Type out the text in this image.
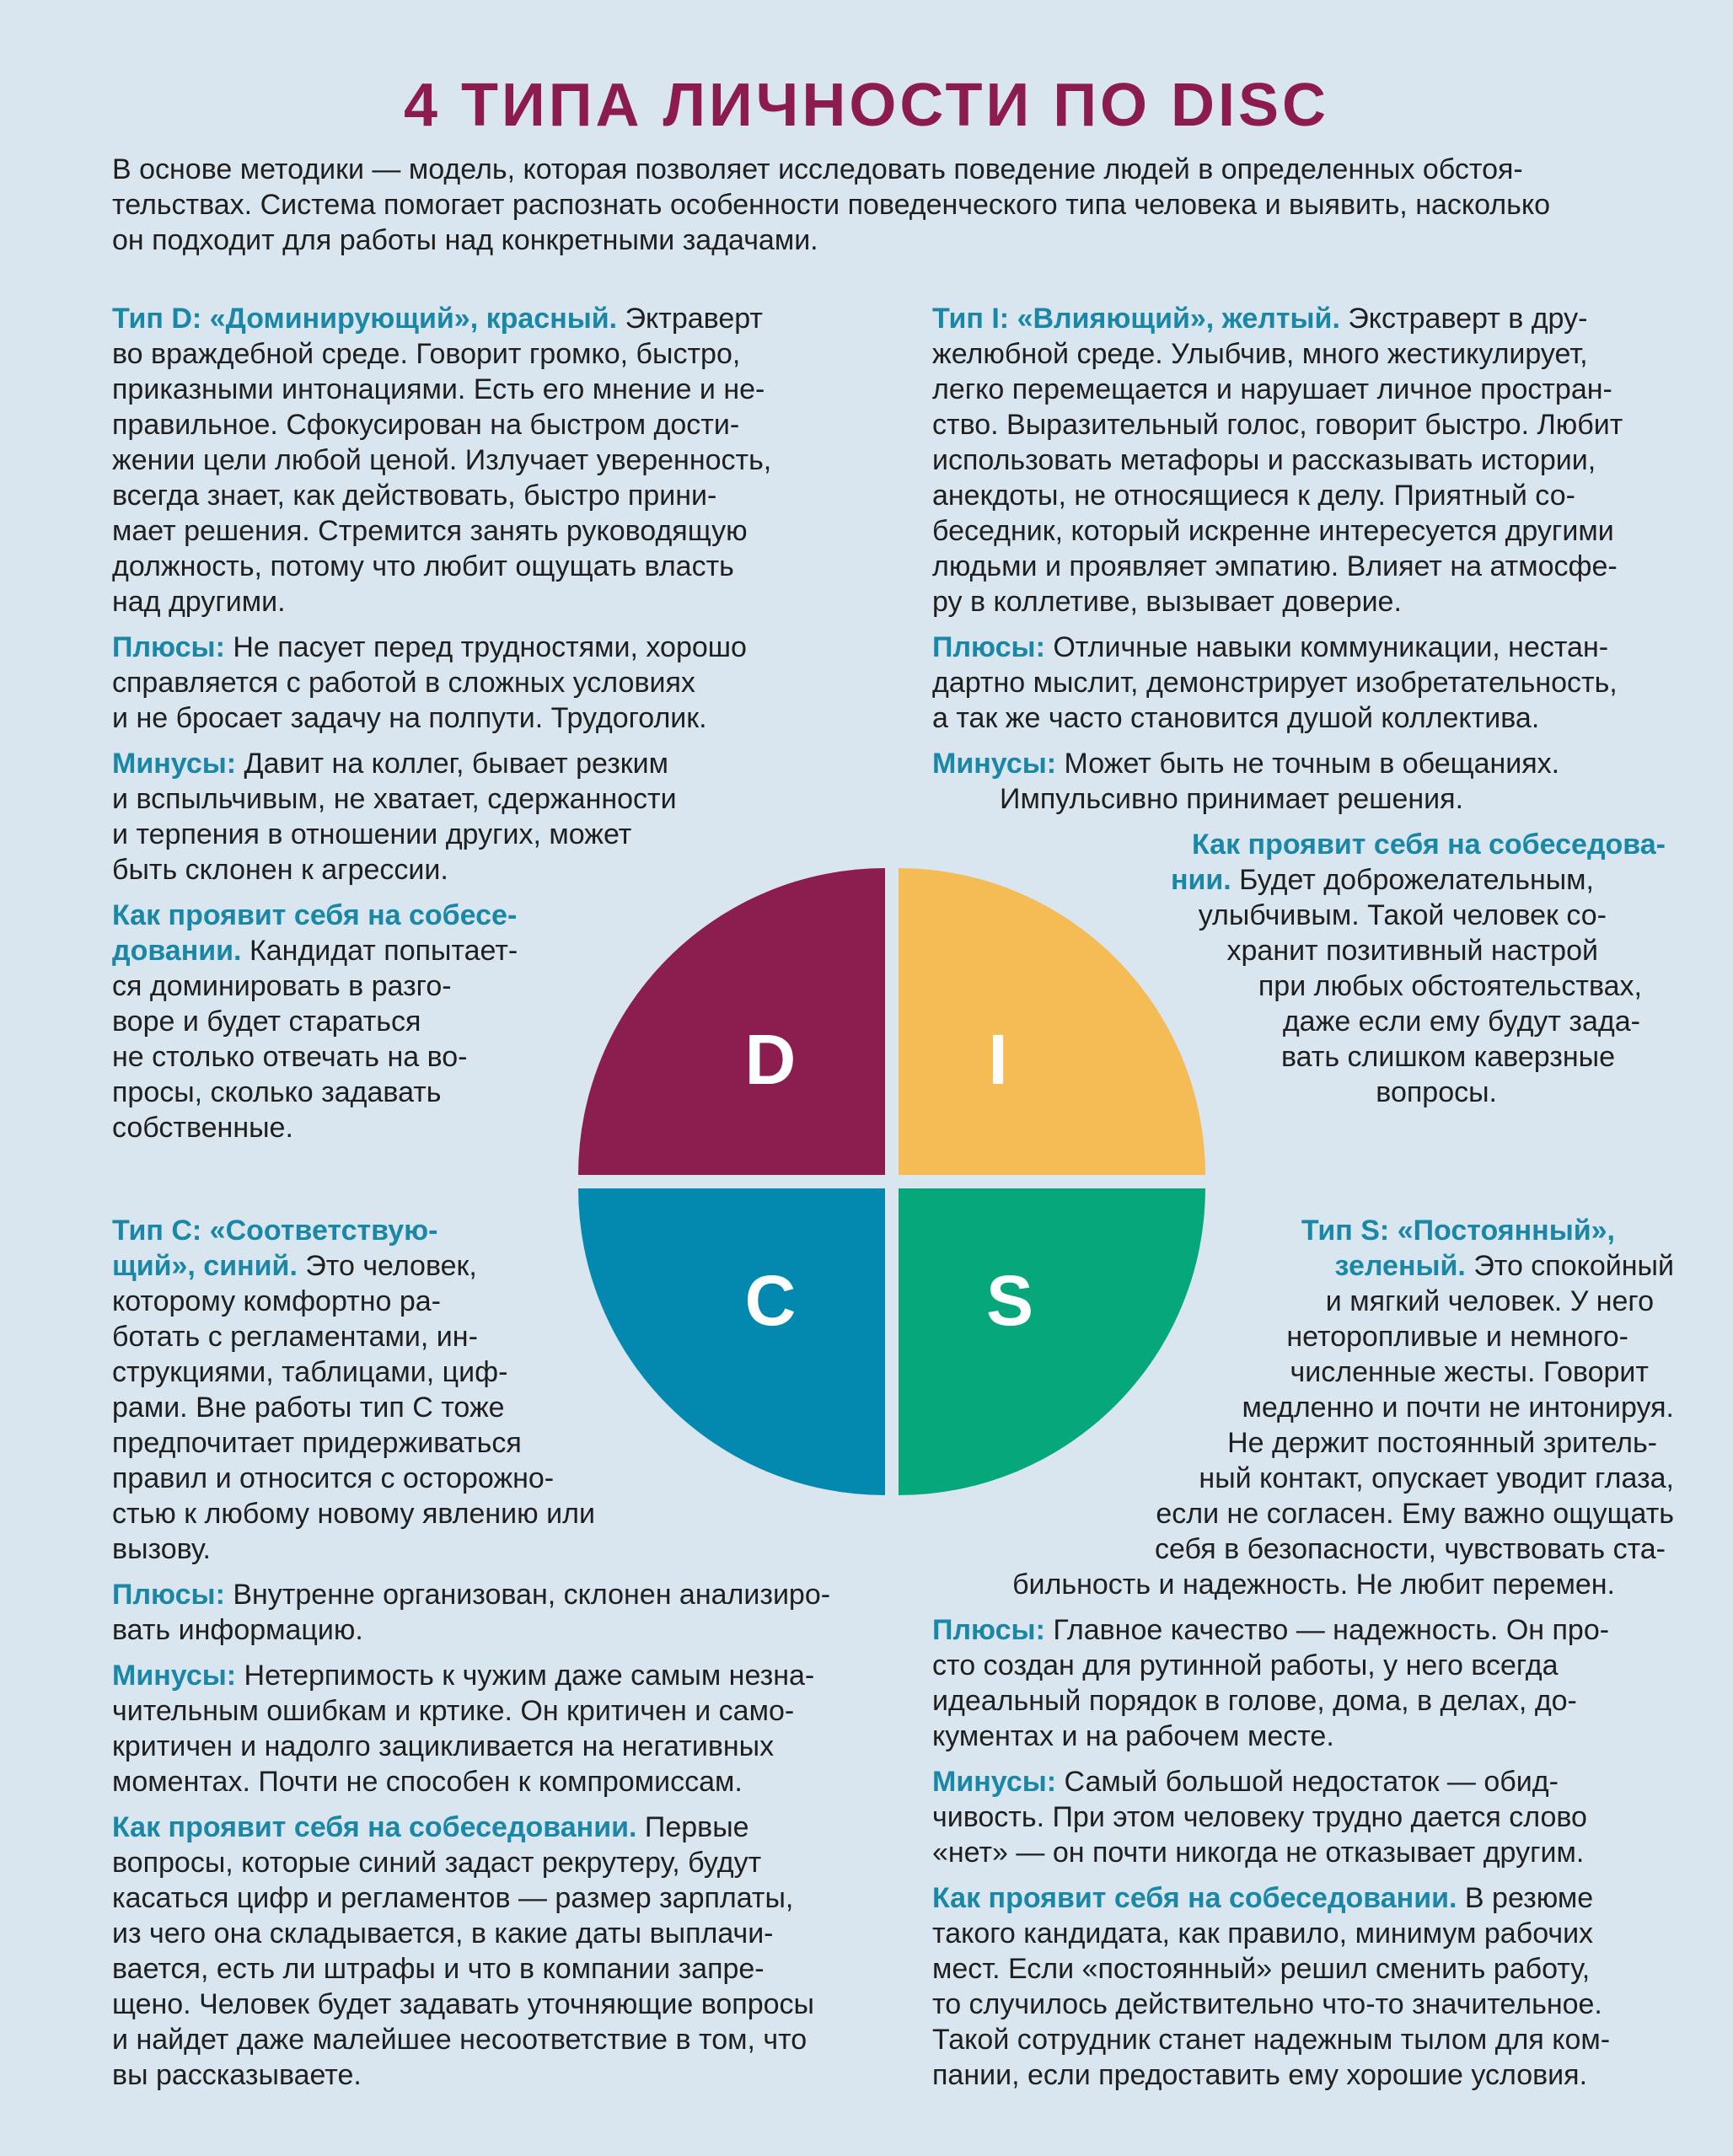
4 ТИПА ЛИЧНОСТИ ПО DISC
В основе методики — модель, которая позволяет исследовать поведение людей в определенных обстоя-
тельствах. Система помогает распознать особенности поведенческого типа человека и выявить, насколько
он подходит для работы над конкретными задачами.

Тип D: «Доминирующий», красный. Эктраверт
во враждебной среде. Говорит громко, быстро,
приказными интонациями. Есть его мнение и не-
правильное. Сфокусирован на быстром дости-
жении цели любой ценой. Излучает уверенность,
всегда знает, как действовать, быстро прини-
мает решения. Стремится занять руководящую
должность, потому что любит ощущать власть
над другими.

Плюсы: Не пасует перед трудностями, хорошо
справляется с работой в сложных условиях
и не бросает задачу на полпути. Трудоголик.

Минусы: Давит на коллег, бывает резким
и вспыльчивым, не хватает, сдержанности
и терпения в отношении других, может
быть склонен к агрессии.

Как проявит себя на собесе-
довании. Кандидат попытает-
ся доминировать в разго-
воре и будет стараться
не столько отвечать на во-
просы, сколько задавать
собственные.

Тип I: «Влияющий», желтый. Экстраверт в дру-
желюбной среде. Улыбчив, много жестикулирует,
легко перемещается и нарушает личное простран-
ство. Выразительный голос, говорит быстро. Любит
использовать метафоры и рассказывать истории,
анекдоты, не относящиеся к делу. Приятный со-
беседник, который искренне интересуется другими
людьми и проявляет эмпатию. Влияет на атмосфе-
ру в коллетиве, вызывает доверие.

Плюсы: Отличные навыки коммуникации, нестан-
дартно мыслит, демонстрирует изобретательность,
а так же часто становится душой коллектива.

Минусы: Может быть не точным в обещаниях.
Импульсивно принимает решения.

Как проявит себя на собеседова-
нии. Будет доброжелательным,
улыбчивым. Такой человек со-
хранит позитивный настрой
при любых обстоятельствах,
даже если ему будут зада-
вать слишком каверзные
вопросы.

Тип C: «Соответствую-
щий», синий. Это человек,
которому комфортно ра-
ботать с регламентами, ин-
струкциями, таблицами, циф-
рами. Вне работы тип С тоже
предпочитает придерживаться
правил и относится с осторожно-
стью к любому новому явлению или
вызову.

Плюсы: Внутренне организован, склонен анализиро-
вать информацию.

Минусы: Нетерпимость к чужим даже самым незна-
чительным ошибкам и кртике. Он критичен и само-
критичен и надолго зацикливается на негативных
моментах. Почти не способен к компромиссам.

Как проявит себя на собеседовании. Первые
вопросы, которые синий задаст рекрутеру, будут
касаться цифр и регламентов — размер зарплаты,
из чего она складывается, в какие даты выплачи-
вается, есть ли штрафы и что в компании запре-
щено. Человек будет задавать уточняющие вопросы
и найдет даже малейшее несоответствие в том, что
вы рассказываете.

Тип S: «Постоянный»,
зеленый. Это спокойный
и мягкий человек. У него
неторопливые и немного-
численные жесты. Говорит
медленно и почти не интонируя.
Не держит постоянный зритель-
ный контакт, опускает уводит глаза,
если не согласен. Ему важно ощущать
себя в безопасности, чувствовать ста-
бильность и надежность. Не любит перемен.

Плюсы: Главное качество — надежность. Он про-
сто создан для рутинной работы, у него всегда
идеальный порядок в голове, дома, в делах, до-
кументах и на рабочем месте.

Минусы: Самый большой недостаток — обид-
чивость. При этом человеку трудно дается слово
«нет» — он почти никогда не отказывает другим.

Как проявит себя на собеседовании. В резюме
такого кандидата, как правило, минимум рабочих
мест. Если «постоянный» решил сменить работу,
то случилось действительно что-то значительное.
Такой сотрудник станет надежным тылом для ком-
пании, если предоставить ему хорошие условия.

D	I
C	S
